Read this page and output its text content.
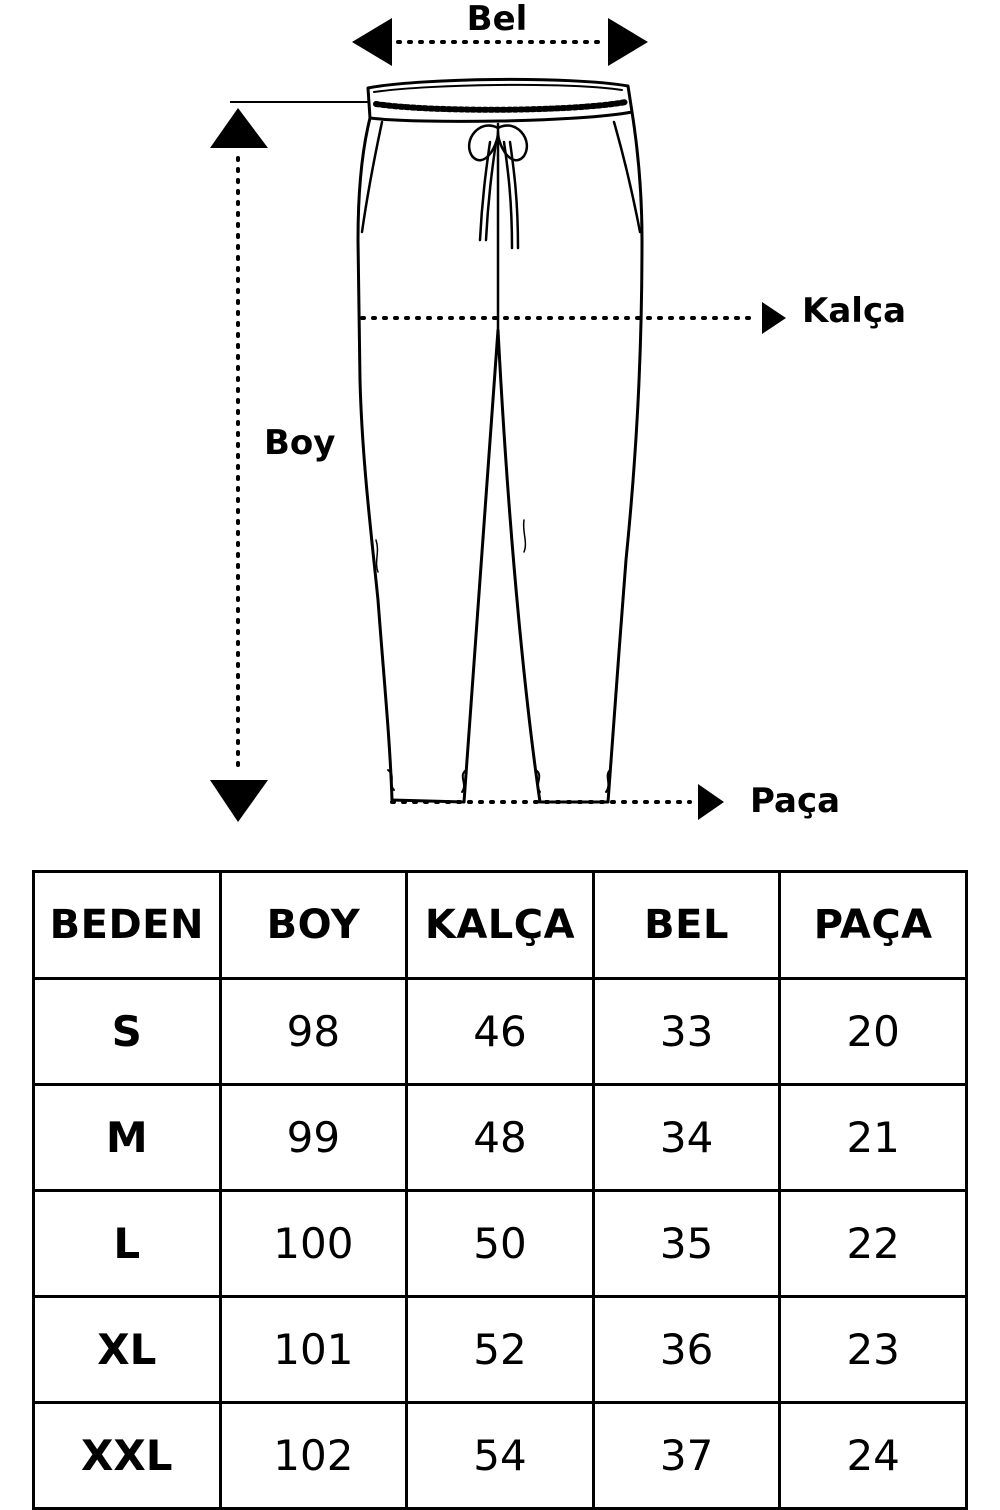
Bel
Boy
Kalça
Paça
BEDEN	BOY	KALÇA	BEL	PAÇA
S	98	46	33	20
M	99	48	34	21
L	100	50	35	22
XL	101	52	36	23
XXL	102	54	37	24
